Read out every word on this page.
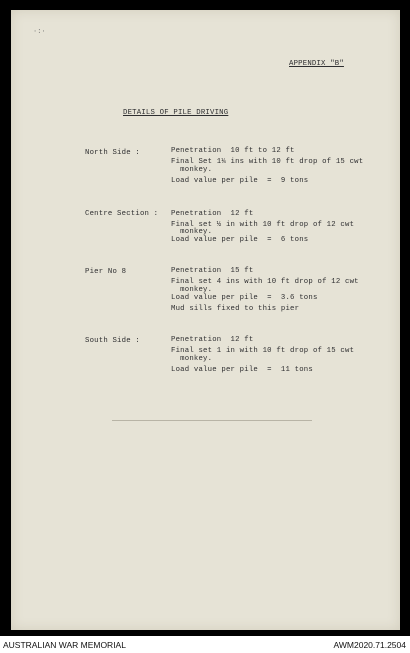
·:·
APPENDIX "B"
DETAILS OF PILE DRIVING
North Side :	Penetration  10 ft to 12 ft
Final Set 1¼ ins with 10 ft drop of 15 cwt
monkey.
Load value per pile  =  9 tons
Centre Section : Penetration  12 ft
Final set ½ in with 10 ft drop of 12 cwt
monkey.
Load value per pile  =  6 tons
Pier No 8	Penetration  15 ft
Final set 4 ins with 10 ft drop of 12 cwt
monkey.
Load value per pile  =  3.6 tons
Mud sills fixed to this pier
South Side :	Penetration  12 ft
Final set 1 in with 10 ft drop of 15 cwt
monkey.
Load value per pile  =  11 tons
AUSTRALIAN WAR MEMORIAL	AWM2020.71.2504
